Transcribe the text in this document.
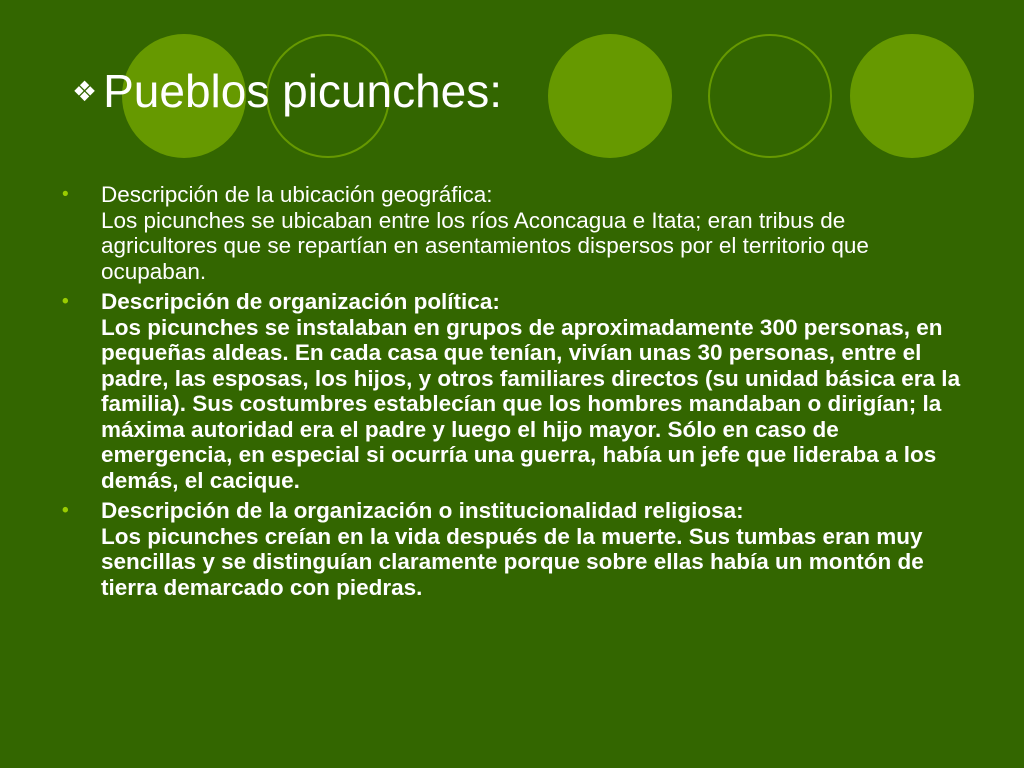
❖ Pueblos picunches:
•	Descripción de la ubicación geográfica:
Los picunches se ubicaban entre los ríos Aconcagua e Itata; eran tribus de agricultores que se repartían en asentamientos dispersos por el territorio que ocupaban.
•	Descripción de organización política:
Los picunches se instalaban en grupos de aproximadamente 300 personas, en pequeñas aldeas. En cada casa que tenían, vivían unas 30 personas, entre el padre, las esposas, los hijos, y otros familiares directos (su unidad básica era la familia). Sus costumbres establecían que los hombres mandaban o dirigían; la máxima autoridad era el padre y luego el hijo mayor. Sólo en caso de emergencia, en especial si ocurría una guerra, había un jefe que lideraba a los demás, el cacique.
•	Descripción de la organización o institucionalidad religiosa:
Los picunches creían en la vida después de la muerte. Sus tumbas eran muy sencillas y se distinguían claramente porque sobre ellas había un montón de tierra demarcado con piedras.
